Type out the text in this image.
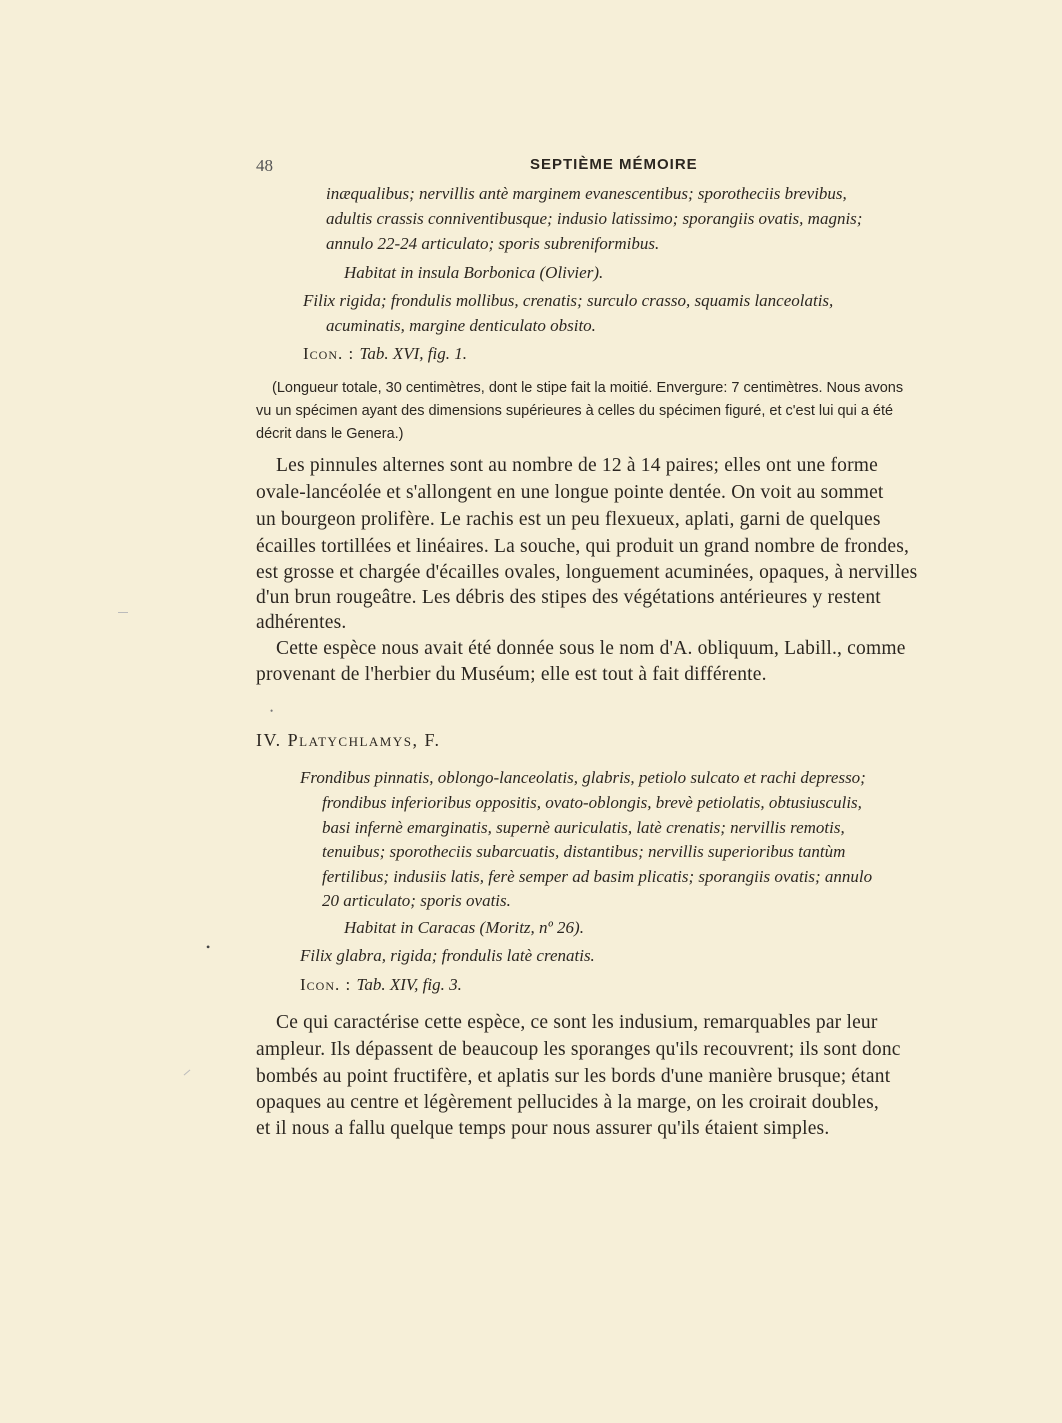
48	SEPTIÈME MÉMOIRE
inæqualibus; nervillis antè marginem evanescentibus; sporotheciis brevibus,
adultis crassis conniventibusque; indusio latissimo; sporangiis ovatis, magnis;
annulo 22-24 articulato; sporis subreniformibus.
Habitat in insula Borbonica (Olivier).
Filix rigida; frondulis mollibus, crenatis; surculo crasso, squamis lanceolatis,
acuminatis, margine denticulato obsito.
Icon. : Tab. XVI, fig. 1.
(Longueur totale, 30 centimètres, dont le stipe fait la moitié. Envergure: 7 centimètres. Nous avons
vu un spécimen ayant des dimensions supérieures à celles du spécimen figuré, et c'est lui qui a été
décrit dans le Genera.)
Les pinnules alternes sont au nombre de 12 à 14 paires; elles ont une forme
ovale-lancéolée et s'allongent en une longue pointe dentée. On voit au sommet
un bourgeon prolifère. Le rachis est un peu flexueux, aplati, garni de quelques
écailles tortillées et linéaires. La souche, qui produit un grand nombre de frondes,
est grosse et chargée d'écailles ovales, longuement acuminées, opaques, à nervilles
d'un brun rougeâtre. Les débris des stipes des végétations antérieures y restent
adhérentes.
Cette espèce nous avait été donnée sous le nom d'A. obliquum, Labill., comme
provenant de l'herbier du Muséum; elle est tout à fait différente.
IV. Platychlamys, F.
Frondibus pinnatis, oblongo-lanceolatis, glabris, petiolo sulcato et rachi depresso;
frondibus inferioribus oppositis, ovato-oblongis, brevè petiolatis, obtusiusculis,
basi infernè emarginatis, supernè auriculatis, latè crenatis; nervillis remotis,
tenuibus; sporotheciis subarcuatis, distantibus; nervillis superioribus tantùm
fertilibus; indusiis latis, ferè semper ad basim plicatis; sporangiis ovatis; annulo
20 articulato; sporis ovatis.
Habitat in Caracas (Moritz, nº 26).
Filix glabra, rigida; frondulis latè crenatis.
Icon. : Tab. XIV, fig. 3.
Ce qui caractérise cette espèce, ce sont les indusium, remarquables par leur
ampleur. Ils dépassent de beaucoup les sporanges qu'ils recouvrent; ils sont donc
bombés au point fructifère, et aplatis sur les bords d'une manière brusque; étant
opaques au centre et légèrement pellucides à la marge, on les croirait doubles,
et il nous a fallu quelque temps pour nous assurer qu'ils étaient simples.
•
•
